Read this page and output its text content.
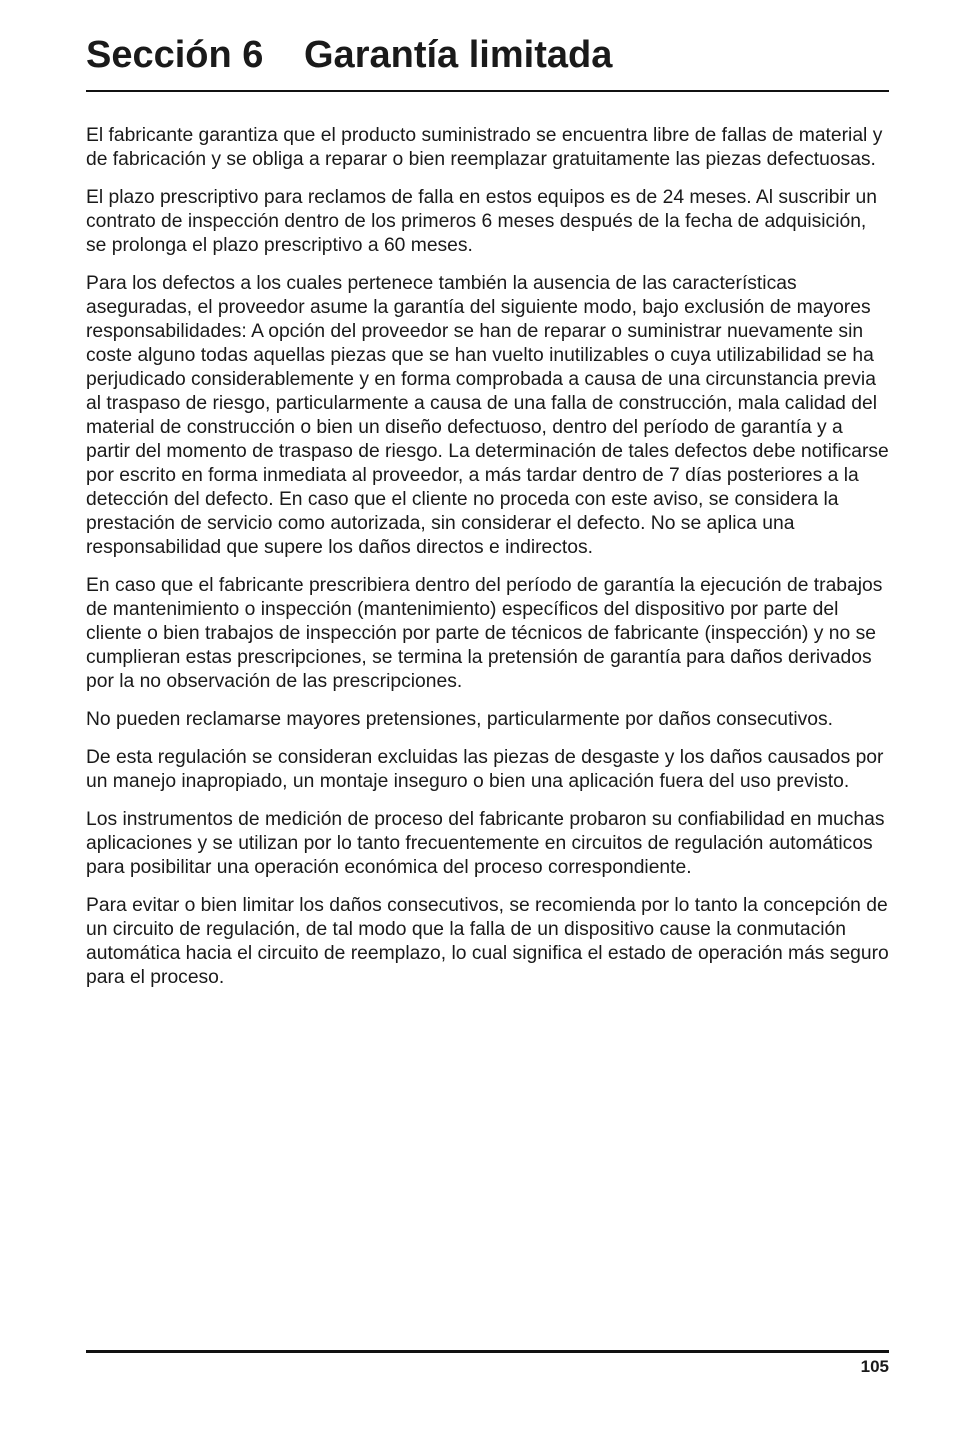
Sección 6 Garantía limitada

El fabricante garantiza que el producto suministrado se encuentra libre de fallas de material y de fabricación y se obliga a reparar o bien reemplazar gratuitamente las piezas defectuosas.

El plazo prescriptivo para reclamos de falla en estos equipos es de 24 meses. Al suscribir un contrato de inspección dentro de los primeros 6 meses después de la fecha de adquisición, se prolonga el plazo prescriptivo a 60 meses.

Para los defectos a los cuales pertenece también la ausencia de las características aseguradas, el proveedor asume la garantía del siguiente modo, bajo exclusión de mayores responsabilidades: A opción del proveedor se han de reparar o suministrar nuevamente sin coste alguno todas aquellas piezas que se han vuelto inutilizables o cuya utilizabilidad se ha perjudicado considerablemente y en forma comprobada a causa de una circunstancia previa al traspaso de riesgo, particularmente a causa de una falla de construcción, mala calidad del material de construcción o bien un diseño defectuoso, dentro del período de garantía y a partir del momento de traspaso de riesgo. La determinación de tales defectos debe notificarse por escrito en forma inmediata al proveedor, a más tardar dentro de 7 días posteriores a la detección del defecto. En caso que el cliente no proceda con este aviso, se considera la prestación de servicio como autorizada, sin considerar el defecto. No se aplica una responsabilidad que supere los daños directos e indirectos.

En caso que el fabricante prescribiera dentro del período de garantía la ejecución de trabajos de mantenimiento o inspección (mantenimiento) específicos del dispositivo por parte del cliente o bien trabajos de inspección por parte de técnicos de fabricante (inspección) y no se cumplieran estas prescripciones, se termina la pretensión de garantía para daños derivados por la no observación de las prescripciones.

No pueden reclamarse mayores pretensiones, particularmente por daños consecutivos.

De esta regulación se consideran excluidas las piezas de desgaste y los daños causados por un manejo inapropiado, un montaje inseguro o bien una aplicación fuera del uso previsto.

Los instrumentos de medición de proceso del fabricante probaron su confiabilidad en muchas aplicaciones y se utilizan por lo tanto frecuentemente en circuitos de regulación automáticos para posibilitar una operación económica del proceso correspondiente.

Para evitar o bien limitar los daños consecutivos, se recomienda por lo tanto la concepción de un circuito de regulación, de tal modo que la falla de un dispositivo cause la conmutación automática hacia el circuito de reemplazo, lo cual significa el estado de operación más seguro para el proceso.

105
